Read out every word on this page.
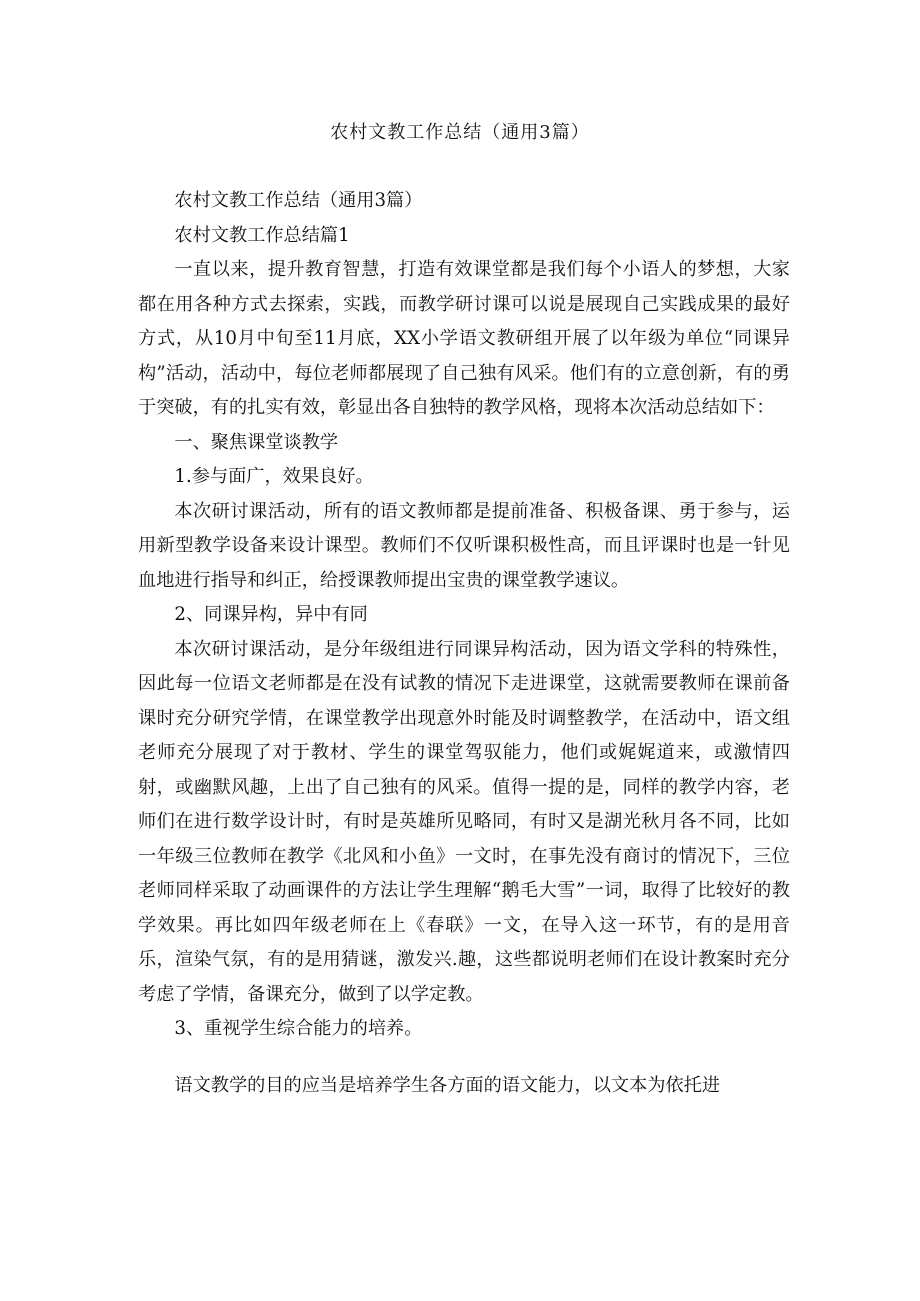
农村文教工作总结（通用3篇）

农村文教工作总结（通用3篇）

农村文教工作总结篇1

一直以来，提升教育智慧，打造有效课堂都是我们每个小语人的梦想，大家都在用各种方式去探索，实践，而教学研讨课可以说是展现自己实践成果的最好方式，从10月中旬至11月底，XX小学语文教研组开展了以年级为单位“同课异构”活动，活动中，每位老师都展现了自己独有风采。他们有的立意创新，有的勇于突破，有的扎实有效，彰显出各自独特的教学风格，现将本次活动总结如下：

一、聚焦课堂谈教学

1.参与面广，效果良好。

本次研讨课活动，所有的语文教师都是提前准备、积极备课、勇于参与，运用新型教学设备来设计课型。教师们不仅听课积极性高，而且评课时也是一针见血地进行指导和纠正，给授课教师提出宝贵的课堂教学速议。

2、同课异构，异中有同

本次研讨课活动，是分年级组进行同课异构活动，因为语文学科的特殊性，因此每一位语文老师都是在没有试教的情况下走进课堂，这就需要教师在课前备课时充分研究学情，在课堂教学出现意外时能及时调整教学，在活动中，语文组老师充分展现了对于教材、学生的课堂驾驭能力，他们或娓娓道来，或激情四射，或幽默风趣，上出了自己独有的风采。值得一提的是，同样的教学内容，老师们在进行数学设计时，有时是英雄所见略同，有时又是湖光秋月各不同，比如一年级三位教师在教学《北风和小鱼》一文时，在事先没有商讨的情况下，三位老师同样采取了动画课件的方法让学生理解“鹅毛大雪”一词，取得了比较好的教学效果。再比如四年级老师在上《春联》一文，在导入这一环节，有的是用音乐，渲染气氛，有的是用猜谜，激发兴.趣，这些都说明老师们在设计教案时充分考虑了学情，备课充分，做到了以学定教。

3、重视学生综合能力的培养。

语文教学的目的应当是培养学生各方面的语文能力，以文本为依托进
